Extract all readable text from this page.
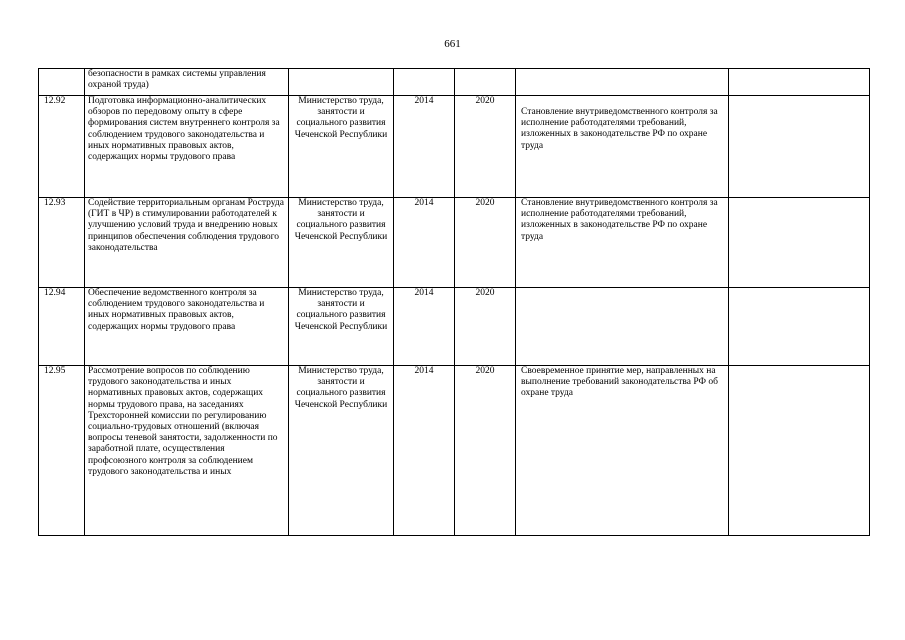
661
	безопасности в рамках системы управления охраной труда)					
12.92	Подготовка информационно-аналитических обзоров по передовому опыту в сфере формирования систем внутреннего контроля за соблюдением трудового законодательства и иных нормативных правовых актов, содержащих нормы трудового права	Министерство труда, занятости и социального развития Чеченской Республики	2014	2020	Становление внутриведомственного контроля за исполнение работодателями требований, изложенных в законодательстве РФ по охране труда	
12.93	Содействие территориальным органам Роструда (ГИТ в ЧР) в стимулировании работодателей к улучшению условий труда и внедрению новых принципов обеспечения соблюдения трудового законодательства	Министерство труда, занятости и социального развития Чеченской Республики	2014	2020	Становление внутриведомственного контроля за исполнение работодателями требований, изложенных в законодательстве РФ по охране труда	
12.94	Обеспечение ведомственного контроля за соблюдением трудового законодательства и иных нормативных правовых актов, содержащих нормы трудового права	Министерство труда, занятости и социального развития Чеченской Республики	2014	2020		
12.95	Рассмотрение вопросов по соблюдению трудового законодательства и иных нормативных правовых актов, содержащих нормы трудового права, на заседаниях Трехсторонней комиссии по регулированию социально-трудовых отношений (включая вопросы теневой занятости, задолженности по заработной плате, осуществления профсоюзного контроля за соблюдением трудового законодательства и иных	Министерство труда, занятости и социального развития Чеченской Республики	2014	2020	Своевременное принятие мер, направленных на выполнение требований законодательства РФ об охране труда	
